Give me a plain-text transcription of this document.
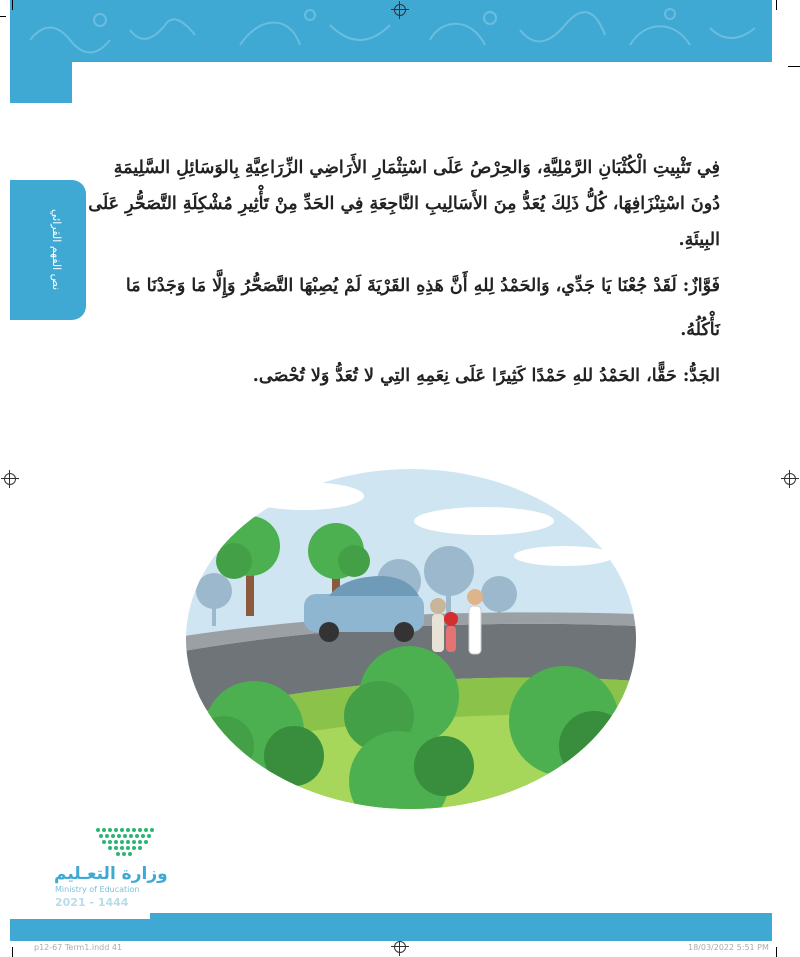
نص الفهم القرائي
فِي تَثْبِيتِ الْكُثْبَانِ الرَّمْلِيَّةِ، وَالحِرْصُ عَلَى اسْتِثْمَارِ الأَرَاضِي الزِّرَاعِيَّةِ بِالوَسَائِلِ السَّلِيمَةِ دُونَ اسْتِنْزَافِهَا، كُلُّ ذَلِكَ يُعَدُّ مِنَ الأَسَالِيبِ النَّاجِعَةِ فِي الحَدِّ مِنْ تَأْثِيرِ مُشْكِلَةِ التَّصَحُّرِ عَلَى البِيئَةِ.
فَوَّازٌ: لَقَدْ جُعْنَا يَا جَدِّي، وَالحَمْدُ لِلهِ أَنَّ هَذِهِ القَرْيَةَ لَمْ يُصِبْهَا التَّصَحُّرُ وَإِلَّا مَا وَجَدْنَا مَا نَأْكُلُهُ.
الجَدُّ: حَقًّا، الحَمْدُ للهِ حَمْدًا كَثِيرًا عَلَى نِعَمِهِ التِي لا تُعَدُّ وَلا تُحْصَى.
وزارة التعـليم
Ministry of Education
2021 - 1444
p12-67 Term1.indd 41	18/03/2022 5:51 PM
